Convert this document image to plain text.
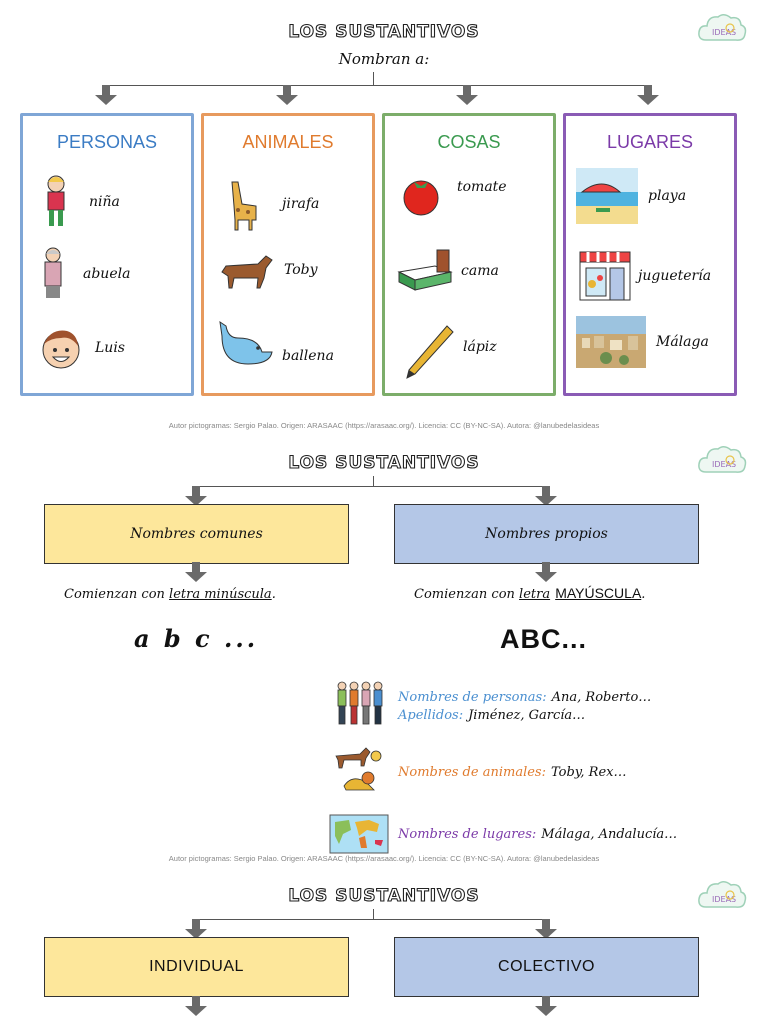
LOS SUSTANTIVOS
Nombran a:
IDEAS
PERSONAS
niña
abuela
Luis
ANIMALES
jirafa
Toby
ballena
COSAS
tomate
cama
lápiz
LUGARES
playa
juguetería
Málaga
Autor pictogramas: Sergio Palao. Origen: ARASAAC (https://arasaac.org/). Licencia: CC (BY-NC-SA). Autora: @lanubedelasideas
LOS SUSTANTIVOS	IDEAS
Nombres comunes	Nombres propios
Comienzan con letra minúscula.	Comienzan con letra MAYÚSCULA.
a b c ...	ABC...
Nombres de personas: Ana, Roberto…
Apellidos: Jiménez, García…
Nombres de animales: Toby, Rex…
Nombres de lugares: Málaga, Andalucía…
Autor pictogramas: Sergio Palao. Origen: ARASAAC (https://arasaac.org/). Licencia: CC (BY-NC-SA). Autora: @lanubedelasideas
LOS SUSTANTIVOS	IDEAS
INDIVIDUAL	COLECTIVO
